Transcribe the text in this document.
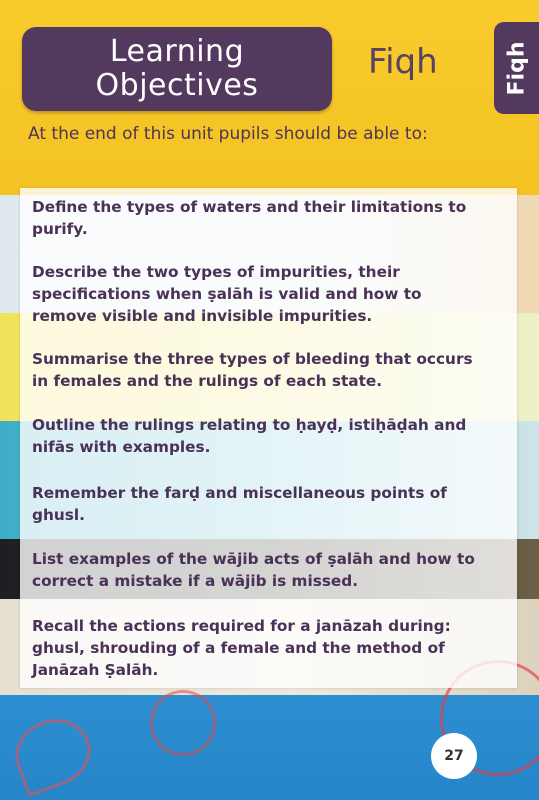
Learning
Objectives
Fiqh	Fiqh
At the end of this unit pupils should be able to:
Define the types of waters and their limitations to
purify.
Describe the two types of impurities, their
specifications when ṣalāh is valid and how to
remove visible and invisible impurities.
Summarise the three types of bleeding that occurs
in females and the rulings of each state.
Outline the rulings relating to ḥayḍ, istiḥāḍah and
nifās with examples.
Remember the farḍ and miscellaneous points of
ghusl.
List examples of the wājib acts of ṣalāh and how to
correct a mistake if a wājib is missed.
Recall the actions required for a janāzah during:
ghusl, shrouding of a female and the method of
Janāzah Ṣalāh.
27
